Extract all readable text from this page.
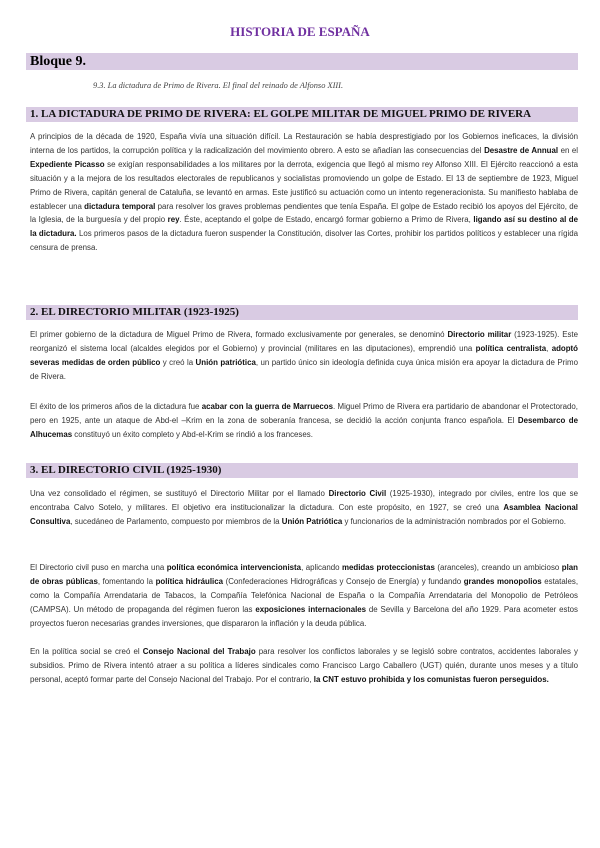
HISTORIA DE ESPAÑA
Bloque 9.
9.3. La dictadura de Primo de Rivera. El final del reinado de Alfonso XIII.
1. LA DICTADURA DE PRIMO DE RIVERA: EL GOLPE MILITAR DE MIGUEL PRIMO DE RIVERA
A principios de la década de 1920, España vivía una situación difícil. La Restauración se había desprestigiado por los Gobiernos ineficaces, la división interna de los partidos, la corrupción política y la radicalización del movimiento obrero. A esto se añadían las consecuencias del Desastre de Annual en el Expediente Picasso se exigían responsabilidades a los militares por la derrota, exigencia que llegó al mismo rey Alfonso XIII. El Ejército reaccionó a esta situación y a la mejora de los resultados electorales de republicanos y socialistas promoviendo un golpe de Estado. El 13 de septiembre de 1923, Miguel Primo de Rivera, capitán general de Cataluña, se levantó en armas. Este justificó su actuación como un intento regeneracionista. Su manifiesto hablaba de establecer una dictadura temporal para resolver los graves problemas pendientes que tenía España. El golpe de Estado recibió los apoyos del Ejército, de la Iglesia, de la burguesía y del propio rey. Éste, aceptando el golpe de Estado, encargó formar gobierno a Primo de Rivera, ligando así su destino al de la dictadura. Los primeros pasos de la dictadura fueron suspender la Constitución, disolver las Cortes, prohibir los partidos políticos y establecer una rígida censura de prensa.
2. EL DIRECTORIO MILITAR (1923-1925)
El primer gobierno de la dictadura de Miguel Primo de Rivera, formado exclusivamente por generales, se denominó Directorio militar (1923-1925). Este reorganizó el sistema local (alcaldes elegidos por el Gobierno) y provincial (militares en las diputaciones), emprendió una política centralista, adoptó severas medidas de orden público y creó la Unión patriótica, un partido único sin ideología definida cuya única misión era apoyar la dictadura de Primo de Rivera.
El éxito de los primeros años de la dictadura fue acabar con la guerra de Marruecos. Miguel Primo de Rivera era partidario de abandonar el Protectorado, pero en 1925, ante un ataque de Abd-el –Krim en la zona de soberanía francesa, se decidió la acción conjunta franco española. El Desembarco de Alhucemas constituyó un éxito completo y Abd-el-Krim se rindió a los franceses.
3. EL DIRECTORIO CIVIL (1925-1930)
Una vez consolidado el régimen, se sustituyó el Directorio Militar por el llamado Directorio Civil (1925-1930), integrado por civiles, entre los que se encontraba Calvo Sotelo, y militares. El objetivo era institucionalizar la dictadura. Con este propósito, en 1927, se creó una Asamblea Nacional Consultiva, sucedáneo de Parlamento, compuesto por miembros de la Unión Patriótica y funcionarios de la administración nombrados por el Gobierno.
El Directorio civil puso en marcha una política económica intervencionista, aplicando medidas proteccionistas (aranceles), creando un ambicioso plan de obras públicas, fomentando la política hidráulica (Confederaciones Hidrográficas y Consejo de Energía) y fundando grandes monopolios estatales, como la Compañía Arrendataria de Tabacos, la Compañía Telefónica Nacional de España o la Compañía Arrendataria del Monopolio de Petróleos (CAMPSA). Un método de propaganda del régimen fueron las exposiciones internacionales de Sevilla y Barcelona del año 1929. Para acometer estos proyectos fueron necesarias grandes inversiones, que dispararon la inflación y la deuda pública.
En la política social se creó el Consejo Nacional del Trabajo para resolver los conflictos laborales y se legisló sobre contratos, accidentes laborales y subsidios. Primo de Rivera intentó atraer a su política a líderes sindicales como Francisco Largo Caballero (UGT) quién, durante unos meses y a título personal, aceptó formar parte del Consejo Nacional del Trabajo. Por el contrario, la CNT estuvo prohibida y los comunistas fueron perseguidos.
